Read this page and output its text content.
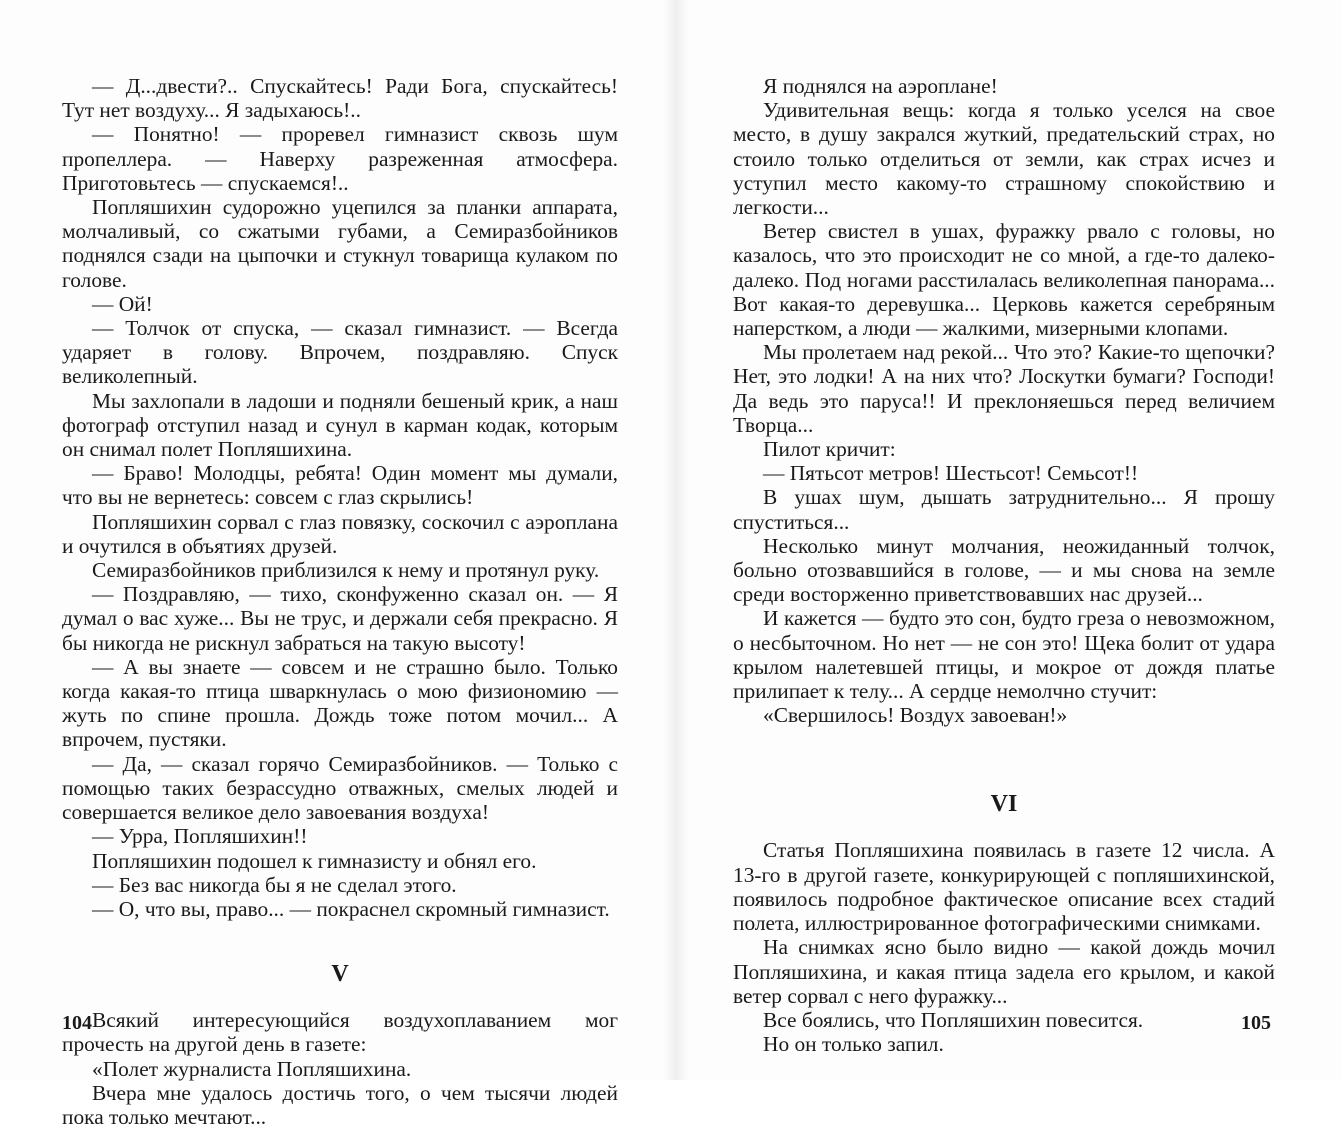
— Д...двести?.. Спускайтесь! Ради Бога, спускайтесь! Тут нет воздуху... Я задыхаюсь!..

— Понятно! — проревел гимназист сквозь шум пропеллера. — Наверху разреженная атмосфера. Приготовьтесь — спускаемся!..

Попляшихин судорожно уцепился за планки аппарата, молчаливый, со сжатыми губами, а Семиразбойников поднялся сзади на цыпочки и стукнул товарища кулаком по голове.

— Ой!

— Толчок от спуска, — сказал гимназист. — Всегда ударяет в голову. Впрочем, поздравляю. Спуск великолепный.

Мы захлопали в ладоши и подняли бешеный крик, а наш фотограф отступил назад и сунул в карман кодак, которым он снимал полет Попляшихина.

— Браво! Молодцы, ребята! Один момент мы думали, что вы не вернетесь: совсем с глаз скрылись!

Попляшихин сорвал с глаз повязку, соскочил с аэроплана и очутился в объятиях друзей.

Семиразбойников приблизился к нему и протянул руку.

— Поздравляю, — тихо, сконфуженно сказал он. — Я думал о вас хуже... Вы не трус, и держали себя прекрасно. Я бы никогда не рискнул забраться на такую высоту!

— А вы знаете — совсем и не страшно было. Только когда какая-то птица шваркнулась о мою физиономию — жуть по спине прошла. Дождь тоже потом мочил... А впрочем, пустяки.

— Да, — сказал горячо Семиразбойников. — Только с помощью таких безрассудно отважных, смелых людей и совершается великое дело завоевания воздуха!

— Урра, Попляшихин!!

Попляшихин подошел к гимназисту и обнял его.

— Без вас никогда бы я не сделал этого.

— О, что вы, право... — покраснел скромный гимназист.

V

Всякий интересующийся воздухоплаванием мог прочесть на другой день в газете:

«Полет журналиста Попляшихина.

Вчера мне удалось достичь того, о чем тысячи людей пока только мечтают...

104

Я поднялся на аэроплане!

Удивительная вещь: когда я только уселся на свое место, в душу закрался жуткий, предательский страх, но стоило только отделиться от земли, как страх исчез и уступил место какому-то страшному спокойствию и легкости...

Ветер свистел в ушах, фуражку рвало с головы, но казалось, что это происходит не со мной, а где-то далеко-далеко. Под ногами расстилалась великолепная панорама... Вот какая-то деревушка... Церковь кажется серебряным наперстком, а люди — жалкими, мизерными клопами.

Мы пролетаем над рекой... Что это? Какие-то щепочки? Нет, это лодки! А на них что? Лоскутки бумаги? Господи! Да ведь это паруса!! И преклоняешься перед величием Творца...

Пилот кричит:

— Пятьсот метров! Шестьсот! Семьсот!!

В ушах шум, дышать затруднительно... Я прошу спуститься...

Несколько минут молчания, неожиданный толчок, больно отозвавшийся в голове, — и мы снова на земле среди восторженно приветствовавших нас друзей...

И кажется — будто это сон, будто греза о невозможном, о несбыточном. Но нет — не сон это! Щека болит от удара крылом налетевшей птицы, и мокрое от дождя платье прилипает к телу... А сердце немолчно стучит:

«Свершилось! Воздух завоеван!»

VI

Статья Попляшихина появилась в газете 12 числа. А 13-го в другой газете, конкурирующей с попляшихинской, появилось подробное фактическое описание всех стадий полета, иллюстрированное фотографическими снимками.

На снимках ясно было видно — какой дождь мочил Попляшихина, и какая птица задела его крылом, и какой ветер сорвал с него фуражку...

Все боялись, что Попляшихин повесится.

Но он только запил.

105
